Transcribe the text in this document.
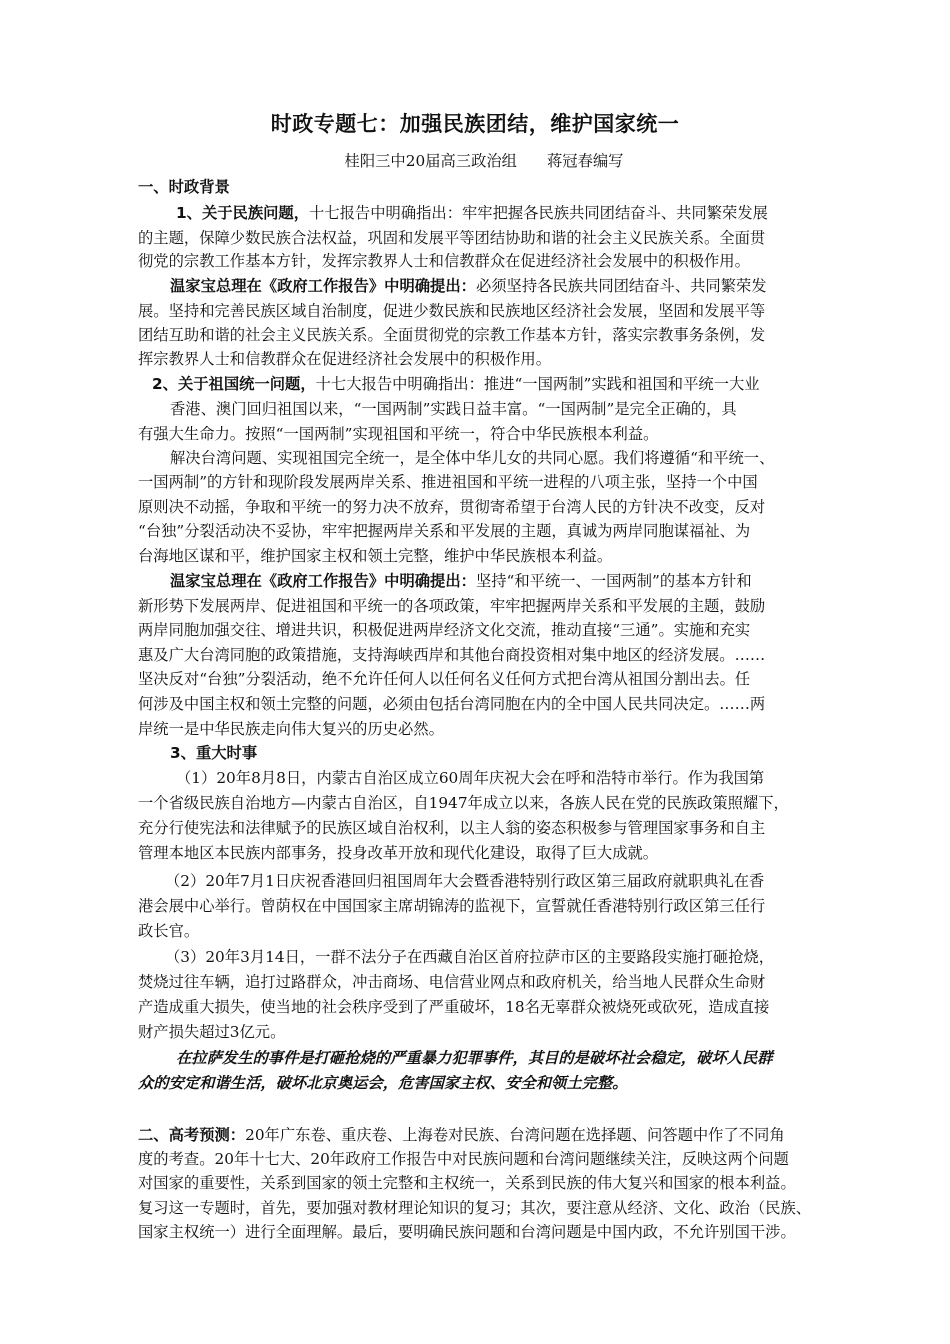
时政专题七：加强民族团结，维护国家统一
桂阳三中20届高三政治组 蒋冠春编写
一、时政背景
1、关于民族问题，十七报告中明确指出：牢牢把握各民族共同团结奋斗、共同繁荣发展
的主题，保障少数民族合法权益，巩固和发展平等团结协助和谐的社会主义民族关系。全面贯
彻党的宗教工作基本方针，发挥宗教界人士和信教群众在促进经济社会发展中的积极作用。
温家宝总理在《政府工作报告》中明确提出：必须坚持各民族共同团结奋斗、共同繁荣发
展。坚持和完善民族区域自治制度，促进少数民族和民族地区经济社会发展，坚固和发展平等
团结互助和谐的社会主义民族关系。全面贯彻党的宗教工作基本方针，落实宗教事务条例，发
挥宗教界人士和信教群众在促进经济社会发展中的积极作用。
2、关于祖国统一问题，十七大报告中明确指出：推进“一国两制”实践和祖国和平统一大业
香港、澳门回归祖国以来，“一国两制”实践日益丰富。“一国两制”是完全正确的，具
有强大生命力。按照“一国两制”实现祖国和平统一，符合中华民族根本利益。
解决台湾问题、实现祖国完全统一，是全体中华儿女的共同心愿。我们将遵循“和平统一、
一国两制”的方针和现阶段发展两岸关系、推进祖国和平统一进程的八项主张，坚持一个中国
原则决不动摇，争取和平统一的努力决不放弃，贯彻寄希望于台湾人民的方针决不改变，反对
“台独”分裂活动决不妥协，牢牢把握两岸关系和平发展的主题，真诚为两岸同胞谋福祉、为
台海地区谋和平，维护国家主权和领土完整，维护中华民族根本利益。
温家宝总理在《政府工作报告》中明确提出：坚持“和平统一、一国两制”的基本方针和
新形势下发展两岸、促进祖国和平统一的各项政策，牢牢把握两岸关系和平发展的主题，鼓励
两岸同胞加强交往、增进共识，积极促进两岸经济文化交流，推动直接“三通”。实施和充实
惠及广大台湾同胞的政策措施，支持海峡西岸和其他台商投资相对集中地区的经济发展。……
坚决反对“台独”分裂活动，绝不允许任何人以任何名义任何方式把台湾从祖国分割出去。任
何涉及中国主权和领土完整的问题，必须由包括台湾同胞在内的全中国人民共同决定。……两
岸统一是中华民族走向伟大复兴的历史必然。
3、重大时事
（1）20年8月8日，内蒙古自治区成立60周年庆祝大会在呼和浩特市举行。作为我国第
一个省级民族自治地方—内蒙古自治区，自1947年成立以来，各族人民在党的民族政策照耀下，
充分行使宪法和法律赋予的民族区域自治权利，以主人翁的姿态积极参与管理国家事务和自主
管理本地区本民族内部事务，投身改革开放和现代化建设，取得了巨大成就。
（2）20年7月1日庆祝香港回归祖国周年大会暨香港特别行政区第三届政府就职典礼在香
港会展中心举行。曾荫权在中国国家主席胡锦涛的监视下，宣誓就任香港特别行政区第三任行
政长官。
（3）20年3月14日，一群不法分子在西藏自治区首府拉萨市区的主要路段实施打砸抢烧，
焚烧过往车辆，追打过路群众，冲击商场、电信营业网点和政府机关，给当地人民群众生命财
产造成重大损失，使当地的社会秩序受到了严重破坏，18名无辜群众被烧死或砍死，造成直接
财产损失超过3亿元。
在拉萨发生的事件是打砸抢烧的严重暴力犯罪事件，其目的是破坏社会稳定，破坏人民群
众的安定和谐生活，破坏北京奥运会，危害国家主权、安全和领土完整。
二、高考预测：20年广东卷、重庆卷、上海卷对民族、台湾问题在选择题、问答题中作了不同角
度的考查。20年十七大、20年政府工作报告中对民族问题和台湾问题继续关注，反映这两个问题
对国家的重要性，关系到国家的领土完整和主权统一，关系到民族的伟大复兴和国家的根本利益。
复习这一专题时，首先，要加强对教材理论知识的复习；其次，要注意从经济、文化、政治（民族、
国家主权统一）进行全面理解。最后，要明确民族问题和台湾问题是中国内政，不允许别国干涉。
